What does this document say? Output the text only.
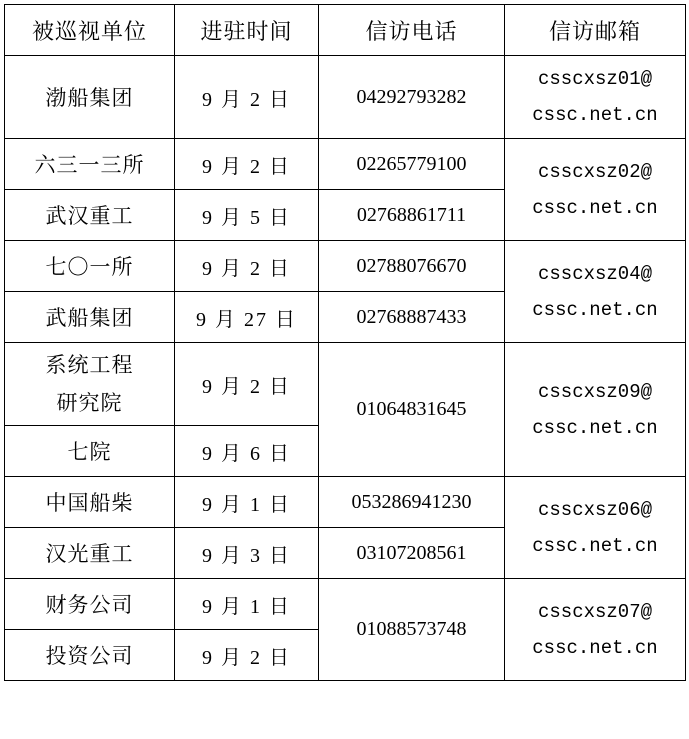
被巡视单位	进驻时间	信访电话	信访邮箱
渤船集团	9 月 2 日	04292793282	csscxsz01@
cssc.net.cn

六三一三所	9 月 2 日	02265779100	csscxsz02@
cssc.net.cn

武汉重工	9 月 5 日	02768861711	
七〇一所	9 月 2 日	02788076670	csscxsz04@
cssc.net.cn

武船集团	9 月 27 日	02768887433	

系统工程
研究院	9 月 2 日	01064831645	csscxsz09@
cssc.net.cn

七院	9 月 6 日		
中国船柴	9 月 1 日	053286941230	csscxsz06@
cssc.net.cn

汉光重工	9 月 3 日	03107208561	
财务公司	9 月 1 日	01088573748	csscxsz07@
cssc.net.cn

投资公司	9 月 2 日		
